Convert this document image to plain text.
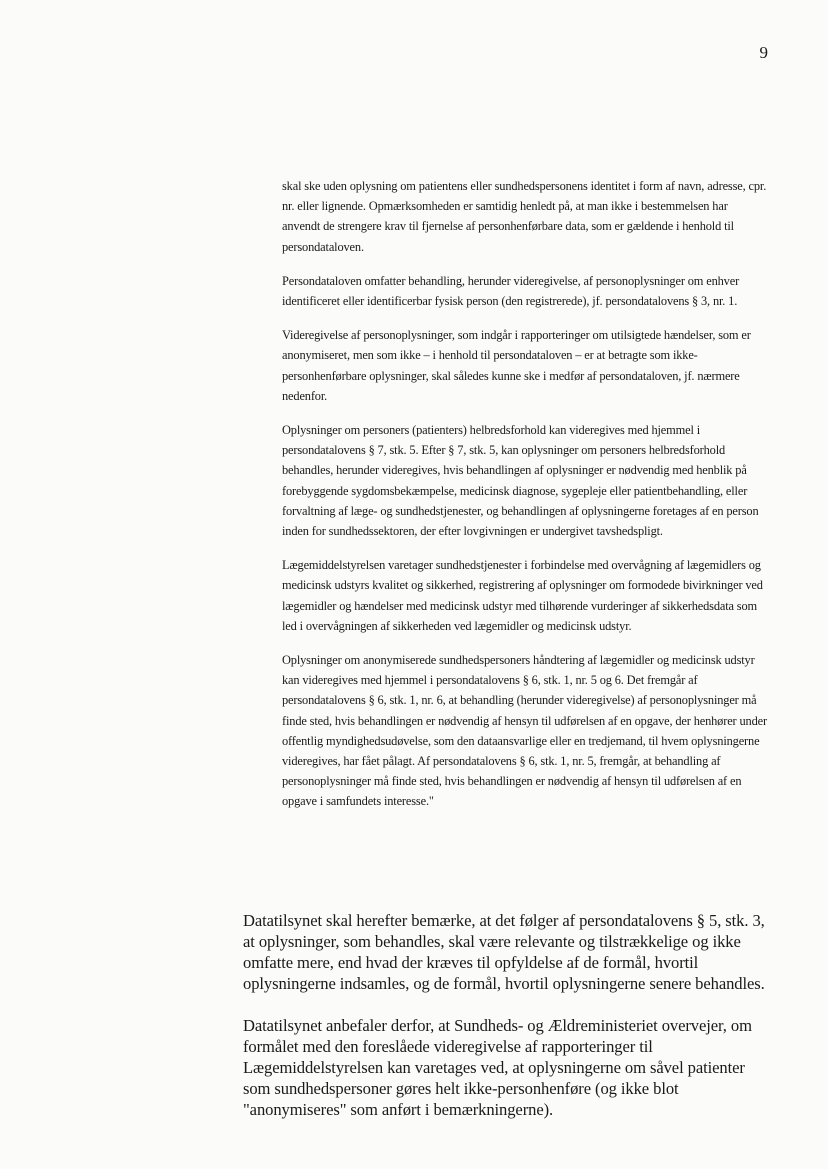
9

skal ske uden oplysning om patientens eller sundhedspersonens identitet i form af navn, adresse, cpr. nr. eller lignende. Opmærksomheden er samtidig henledt på, at man ikke i bestemmelsen har anvendt de strengere krav til fjernelse af personhenførbare data, som er gældende i henhold til persondataloven.

Persondataloven omfatter behandling, herunder videregivelse, af personoplysninger om enhver identificeret eller identificerbar fysisk person (den registrerede), jf. persondatalovens § 3, nr. 1.

Videregivelse af personoplysninger, som indgår i rapporteringer om utilsigtede hændelser, som er anonymiseret, men som ikke – i henhold til persondataloven – er at betragte som ikke-personhenførbare oplysninger, skal således kunne ske i medfør af persondataloven, jf. nærmere nedenfor.

Oplysninger om personers (patienters) helbredsforhold kan videregives med hjemmel i persondatalovens § 7, stk. 5. Efter § 7, stk. 5, kan oplysninger om personers helbredsforhold behandles, herunder videregives, hvis behandlingen af oplysninger er nødvendig med henblik på forebyggende sygdomsbekæmpelse, medicinsk diagnose, sygepleje eller patientbehandling, eller forvaltning af læge- og sundhedstjenester, og behandlingen af oplysningerne foretages af en person inden for sundhedssektoren, der efter lovgivningen er undergivet tavshedspligt.

Lægemiddelstyrelsen varetager sundhedstjenester i forbindelse med overvågning af lægemidlers og medicinsk udstyrs kvalitet og sikkerhed, registrering af oplysninger om formodede bivirkninger ved lægemidler og hændelser med medicinsk udstyr med tilhørende vurderinger af sikkerhedsdata som led i overvågningen af sikkerheden ved lægemidler og medicinsk udstyr.

Oplysninger om anonymiserede sundhedspersoners håndtering af lægemidler og medicinsk udstyr kan videregives med hjemmel i persondatalovens § 6, stk. 1, nr. 5 og 6. Det fremgår af persondatalovens § 6, stk. 1, nr. 6, at behandling (herunder videregivelse) af personoplysninger må finde sted, hvis behandlingen er nødvendig af hensyn til udførelsen af en opgave, der henhører under offentlig myndighedsudøvelse, som den dataansvarlige eller en tredjemand, til hvem oplysningerne videregives, har fået pålagt. Af persondatalovens § 6, stk. 1, nr. 5, fremgår, at behandling af personoplysninger må finde sted, hvis behandlingen er nødvendig af hensyn til udførelsen af en opgave i samfundets interesse."

Datatilsynet skal herefter bemærke, at det følger af persondatalovens § 5, stk. 3, at oplysninger, som behandles, skal være relevante og tilstrækkelige og ikke omfatte mere, end hvad der kræves til opfyldelse af de formål, hvortil oplysningerne indsamles, og de formål, hvortil oplysningerne senere behandles.

Datatilsynet anbefaler derfor, at Sundheds- og Ældreministeriet overvejer, om formålet med den foreslåede videregivelse af rapporteringer til Lægemiddelstyrelsen kan varetages ved, at oplysningerne om såvel patienter som sundhedspersoner gøres helt ikke-personhenføre (og ikke blot "anonymiseres" som anført i bemærkningerne).
